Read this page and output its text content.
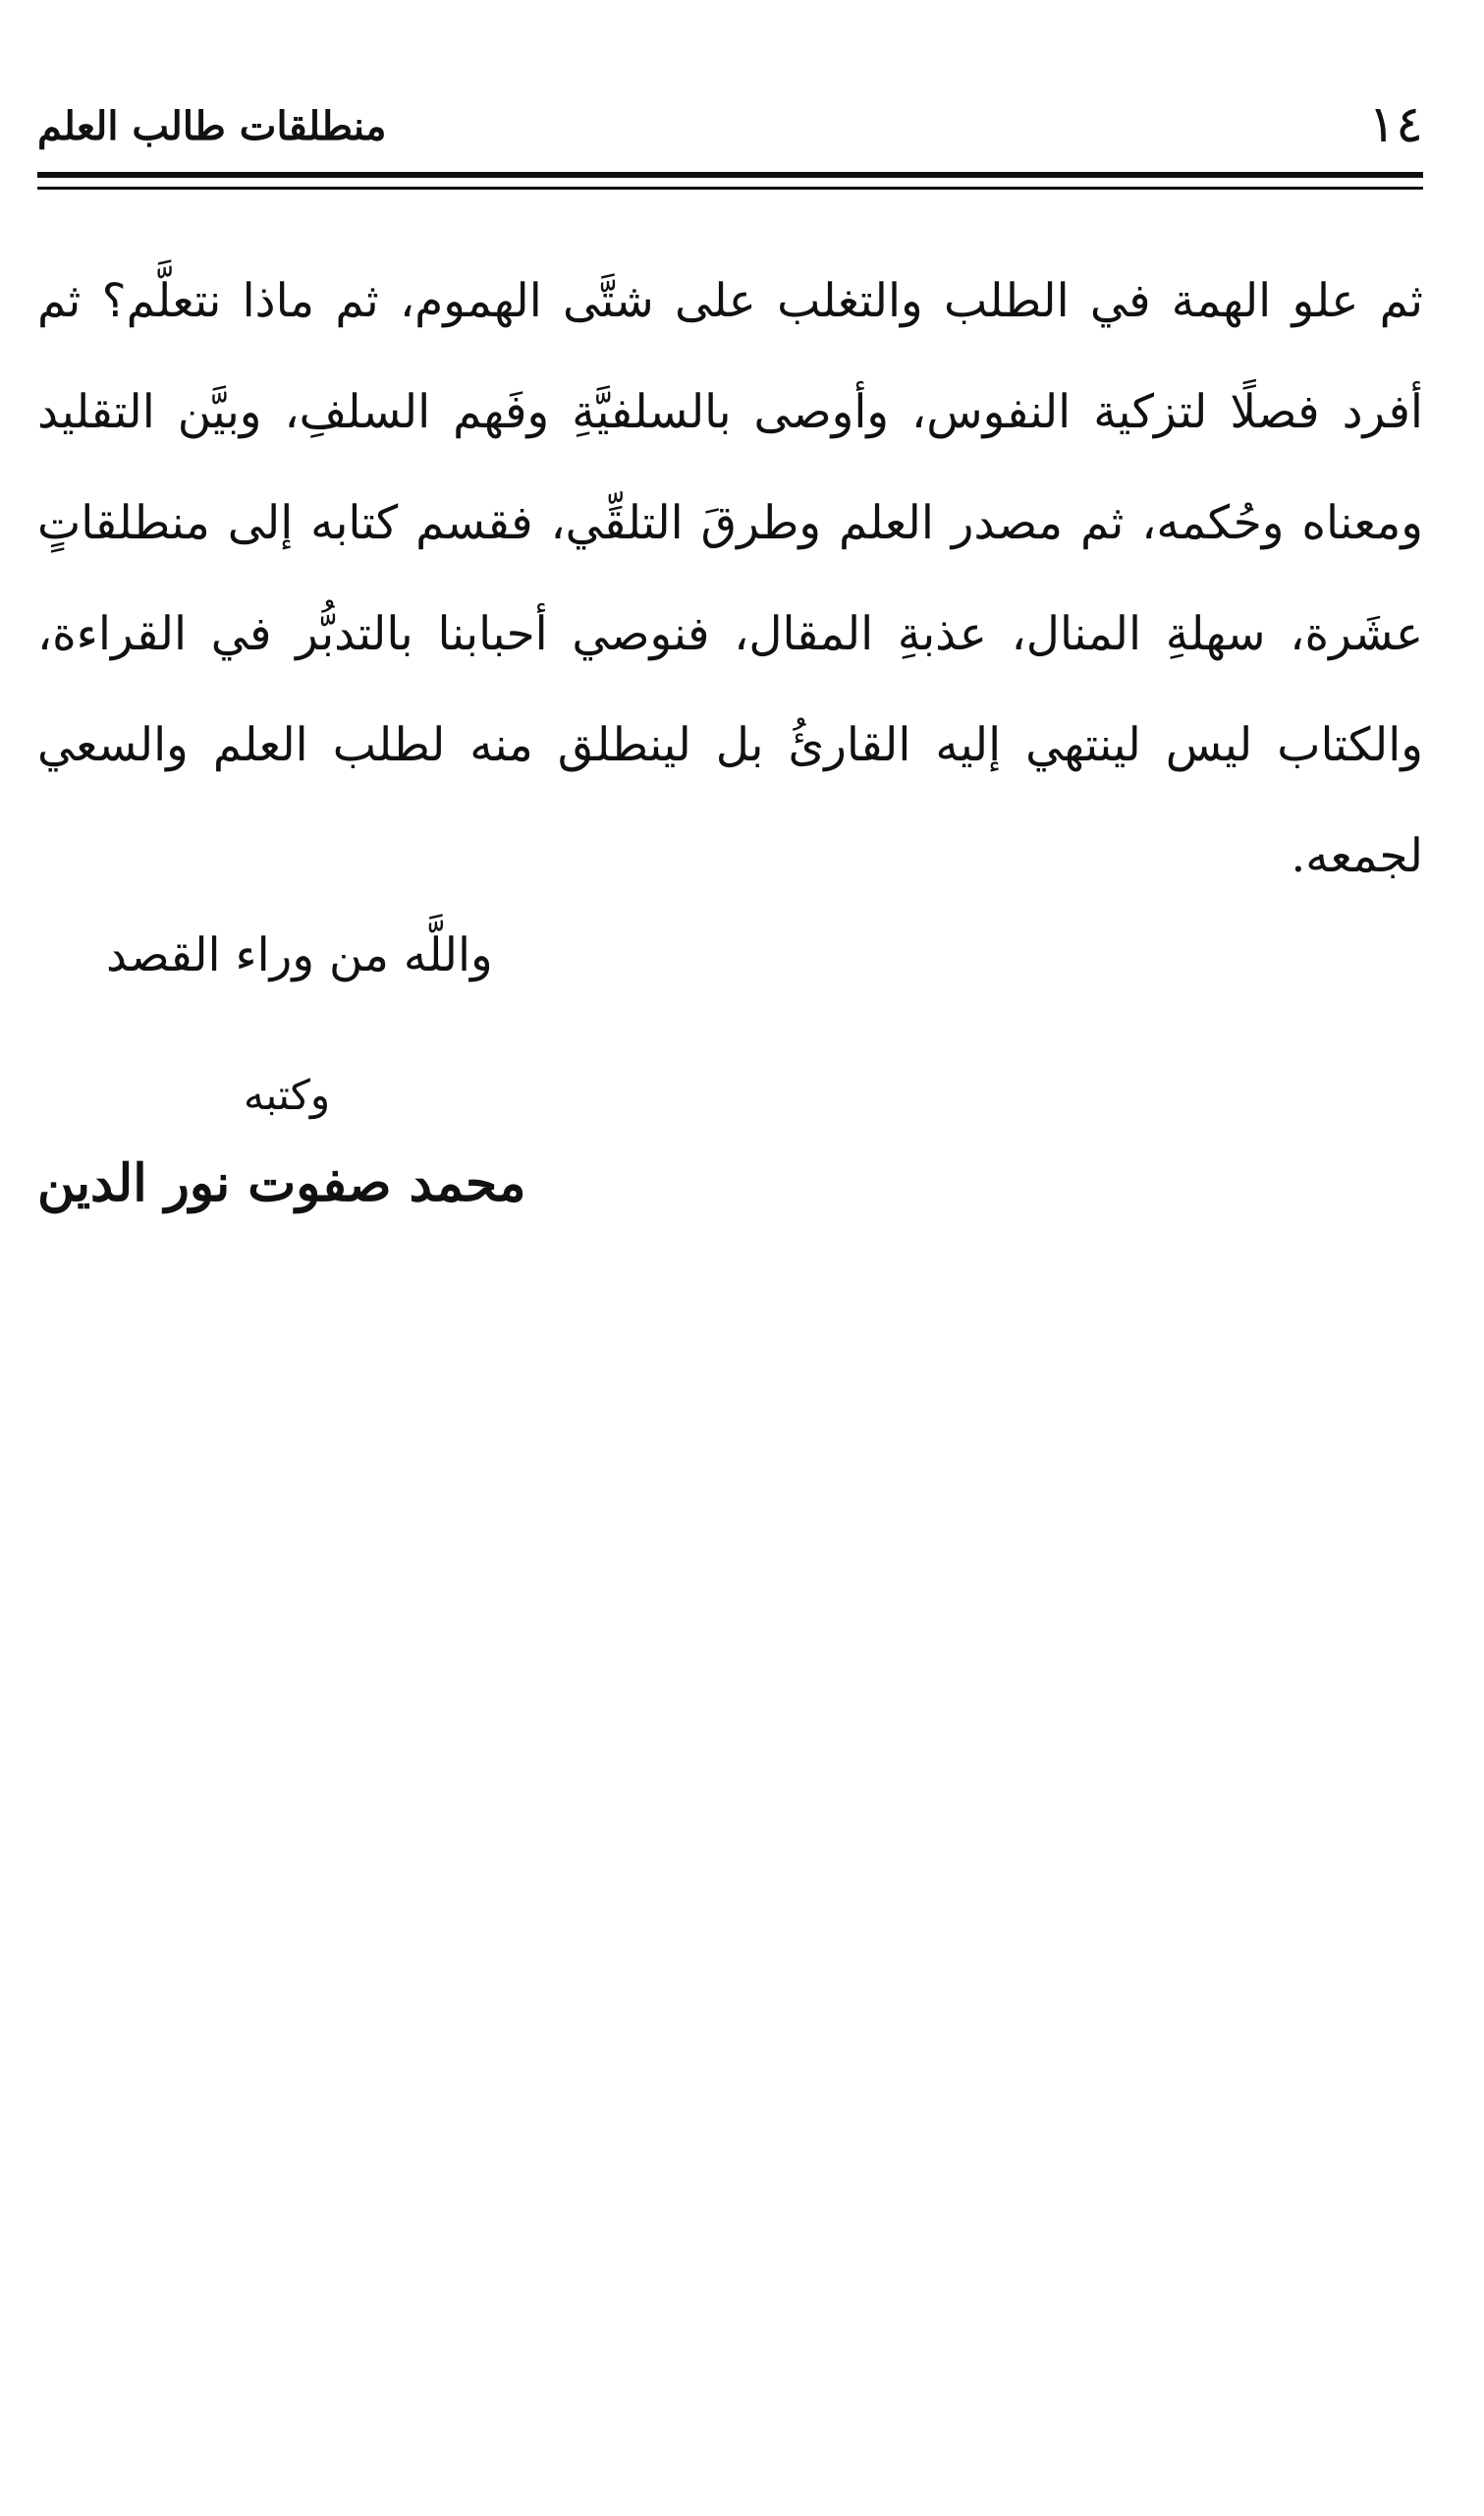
١٤
منطلقات طالب العلم

ثم علو الهمة في الطلب والتغلب على شتَّى الهموم، ثم ماذا نتعلَّم؟ ثم أفرد فصلًا لتزكية النفوس، وأوصى بالسلفيَّةِ وفَهم السلفِ، وبيَّن التقليد ومعناه وحُكمه، ثم مصدر العلم وطرقَ التلقِّي، فقسم كتابه إلى منطلقاتٍ عشَرة، سهلةِ المنال، عذبةِ المقال، فنوصي أحبابنا بالتدبُّر في القراءة، والكتاب ليس لينتهي إليه القارئُ بل لينطلق منه لطلب العلم والسعي لجمعه.

واللَّه من وراء القصد
وكتبه
محمد صفوت نور الدين
